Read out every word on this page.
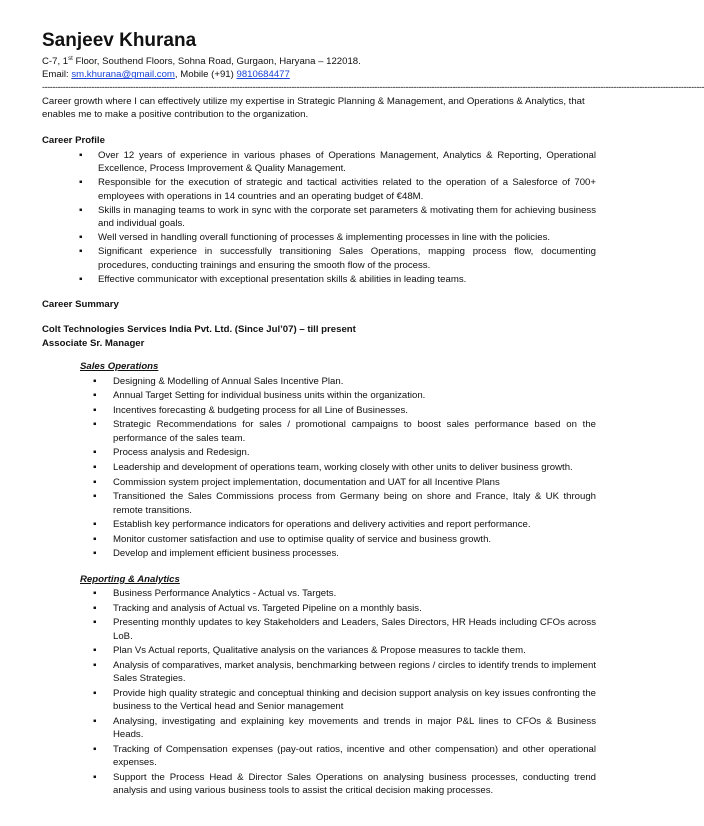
Sanjeev Khurana
C-7, 1st Floor, Southend Floors, Sohna Road, Gurgaon, Haryana – 122018.
Email: sm.khurana@gmail.com, Mobile (+91) 9810684477
---------------------------------------------------------------------------------------------------------------------------------------------------------------------------------------------------------------------------------------------------------------
Career growth where I can effectively utilize my expertise in Strategic Planning & Management, and Operations & Analytics, that enables me to make a positive contribution to the organization.
Career Profile
▪ Over 12 years of experience in various phases of Operations Management, Analytics & Reporting, Operational Excellence, Process Improvement & Quality Management.
▪ Responsible for the execution of strategic and tactical activities related to the operation of a Salesforce of 700+ employees with operations in 14 countries and an operating budget of €48M.
▪ Skills in managing teams to work in sync with the corporate set parameters & motivating them for achieving business and individual goals.
▪ Well versed in handling overall functioning of processes & implementing processes in line with the policies.
▪ Significant experience in successfully transitioning Sales Operations, mapping process flow, documenting procedures, conducting trainings and ensuring the smooth flow of the process.
▪ Effective communicator with exceptional presentation skills & abilities in leading teams.
Career Summary
Colt Technologies Services India Pvt. Ltd. (Since Jul’07) – till present
Associate Sr. Manager
Sales Operations
▪ Designing & Modelling of Annual Sales Incentive Plan.
▪ Annual Target Setting for individual business units within the organization.
▪ Incentives forecasting & budgeting process for all Line of Businesses.
▪ Strategic Recommendations for sales / promotional campaigns to boost sales performance based on the performance of the sales team.
▪ Process analysis and Redesign.
▪ Leadership and development of operations team, working closely with other units to deliver business growth.
▪ Commission system project implementation, documentation and UAT for all Incentive Plans
▪ Transitioned the Sales Commissions process from Germany being on shore and France, Italy & UK through remote transitions.
▪ Establish key performance indicators for operations and delivery activities and report performance.
▪ Monitor customer satisfaction and use to optimise quality of service and business growth.
▪ Develop and implement efficient business processes.
Reporting & Analytics
▪ Business Performance Analytics - Actual vs. Targets.
▪ Tracking and analysis of Actual vs. Targeted Pipeline on a monthly basis.
▪ Presenting monthly updates to key Stakeholders and Leaders, Sales Directors, HR Heads including CFOs across LoB.
▪ Plan Vs Actual reports, Qualitative analysis on the variances & Propose measures to tackle them.
▪ Analysis of comparatives, market analysis, benchmarking between regions / circles to identify trends to implement Sales Strategies.
▪ Provide high quality strategic and conceptual thinking and decision support analysis on key issues confronting the business to the Vertical head and Senior management
▪ Analysing, investigating and explaining key movements and trends in major P&L lines to CFOs & Business Heads.
▪ Tracking of Compensation expenses (pay-out ratios, incentive and other compensation) and other operational expenses.
▪ Support the Process Head & Director Sales Operations on analysing business processes, conducting trend analysis and using various business tools to assist the critical decision making processes.
